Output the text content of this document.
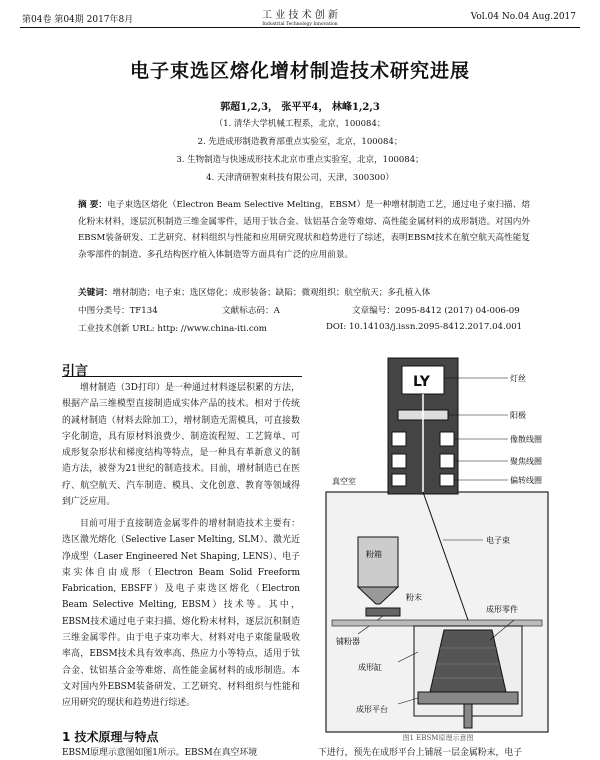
第04卷 第04期 2017年8月	工 业 技 术 创 新
Industrial Technology Innovation
Vol.04 No.04 Aug.2017
电子束选区熔化增材制造技术研究进展
郭超1,2,3， 张平平4， 林峰1,2,3
（1. 清华大学机械工程系，北京，100084；
2. 先进成形制造教育部重点实验室，北京，100084；
3. 生物制造与快速成形技术北京市重点实验室，北京，100084；
4. 天津清研智束科技有限公司，天津，300300）
摘 要：电子束选区熔化（Electron Beam Selective Melting，EBSM）是一种增材制造工艺，通过电子束扫描、熔化粉末材料，逐层沉积制造三维金属零件，适用于钛合金、钛铝基合金等难熔、高性能金属材料的成形制造。对国内外EBSM装备研发、工艺研究、材料组织与性能和应用研究现状和趋势进行了综述，表明EBSM技术在航空航天高性能复杂零部件的制造、多孔结构医疗植入体制造等方面具有广泛的应用前景。
关键词：增材制造；电子束；选区熔化；成形装备；缺陷；微观组织；航空航天；多孔植入体
中图分类号：TF134	文献标志码：A	文章编号：2095-8412 (2017) 04-006-09
工业技术创新 URL: http: //www.china-iti.com	DOI: 10.14103/j.issn.2095-8412.2017.04.001
引言
增材制造（3D打印）是一种通过材料逐层积累的方法，根据产品三维模型直接制造成实体产品的技术。相对于传统的减材制造（材料去除加工），增材制造无需模具，可直接数字化制造，具有原材料浪费少、制造流程短、工艺简单、可成形复杂形状和梯度结构等特点，是一种具有革新意义的制造方法，被誉为21世纪的制造技术。目前，增材制造已在医疗、航空航天、汽车制造、模具、文化创意、教育等领域得到广泛应用。
目前可用于直接制造金属零件的增材制造技术主要有：选区激光熔化（Selective Laser Melting, SLM）、激光近净成型（Laser Engineered Net Shaping, LENS）、电子束实体自由成形（Electron Beam Solid Freeform Fabrication, EBSFF）及电子束选区熔化（Electron Beam Selective Melting, EBSM）技术等。其中，EBSM技术通过电子束扫描、熔化粉末材料，逐层沉积制造三维金属零件。由于电子束功率大、材料对电子束能量吸收率高，EBSM技术具有效率高、热应力小等特点，适用于钛合金、钛铝基合金等难熔、高性能金属材料的成形制造。本文对国内外EBSM装备研发、工艺研究、材料组织与性能和应用研究的现状和趋势进行综述。
1 技术原理与特点
EBSM原理示意图如图1所示。EBSM在真空环境	下进行，预先在成形平台上铺展一层金属粉末，电子
LY	灯丝
阳极
像散线圈
聚焦线圈
偏转线圈
真空室
电子束
粉箱
铺粉器
粉末
成形零件
成形缸
成形平台
图1 EBSM原理示意图
